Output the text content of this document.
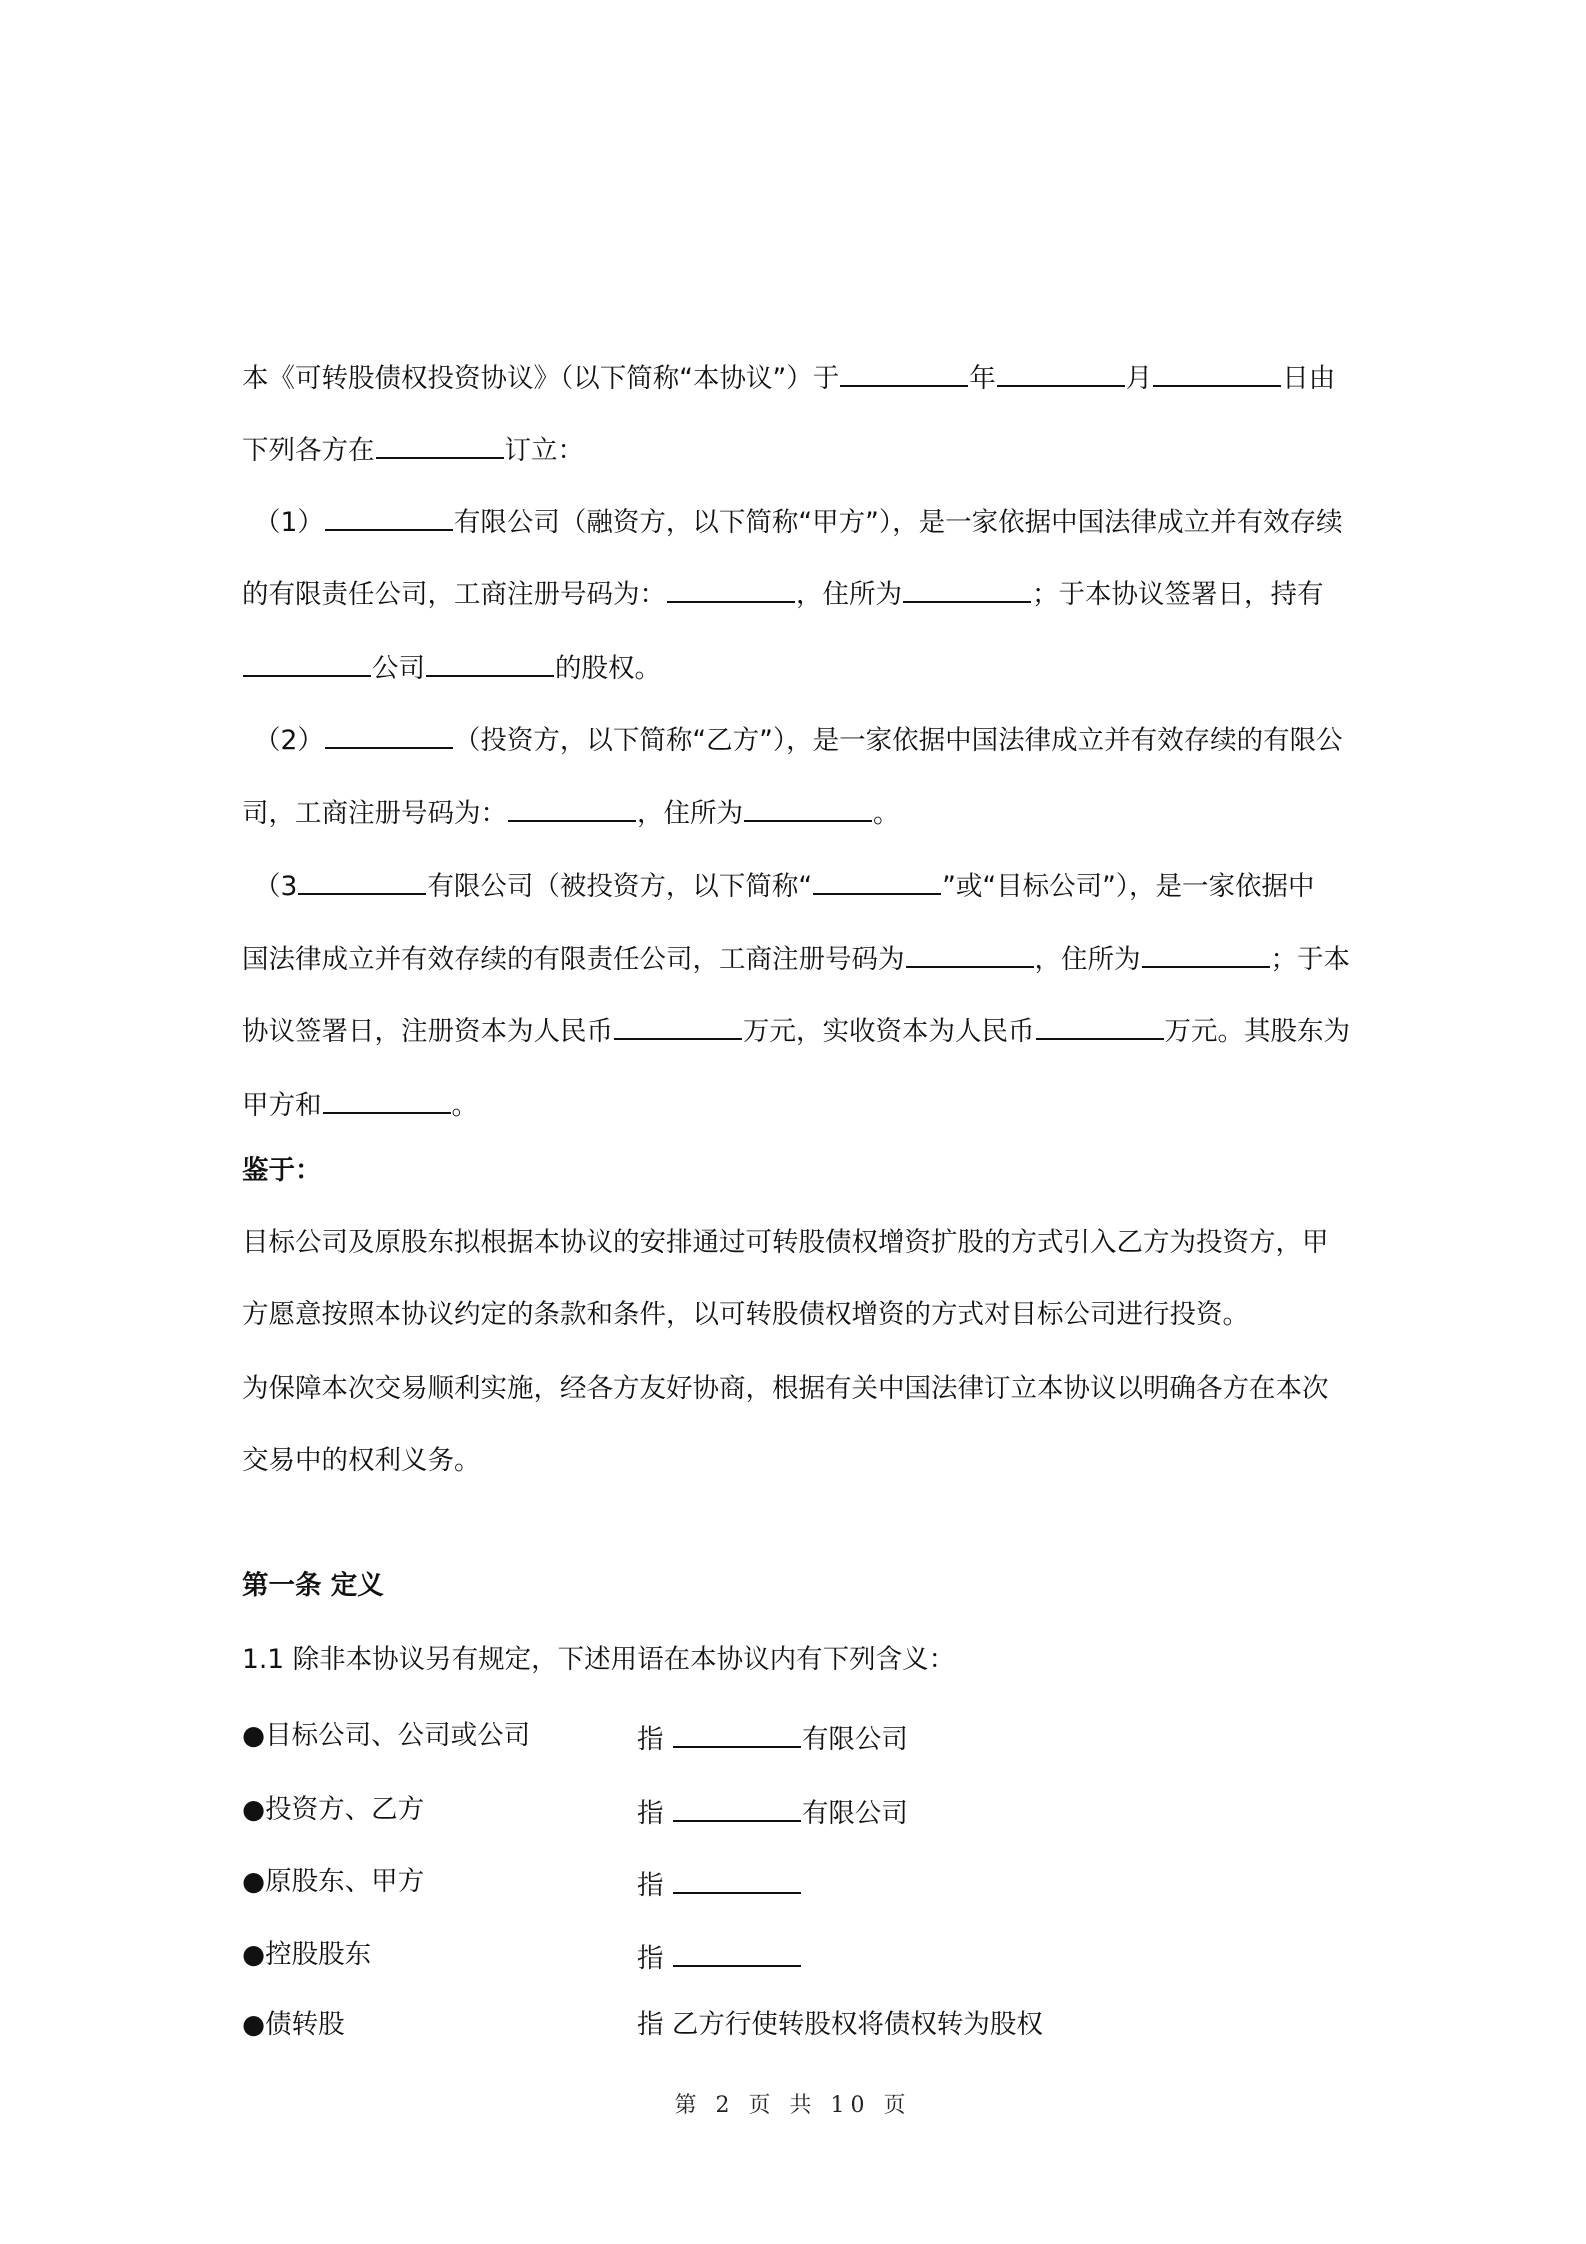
本《可转股债权投资协议》（以下简称“本协议”）于	年	月	日由
下列各方在	订立：
（1）	有限公司（融资方，以下简称“甲方”），是一家依据中国法律成立并有效存续
的有限责任公司，工商注册号码为：	，住所为	；于本协议签署日，持有
公司	的股权。
（2）	（投资方，以下简称“乙方”），是一家依据中国法律成立并有效存续的有限公
司，工商注册号码为：	，住所为	。
（3	有限公司（被投资方，以下简称“	”或“目标公司”），是一家依据中
国法律成立并有效存续的有限责任公司，工商注册号码为	，住所为	；于本
协议签署日，注册资本为人民币	万元，实收资本为人民币	万元。其股东为
甲方和	。
鉴于：
目标公司及原股东拟根据本协议的安排通过可转股债权增资扩股的方式引入乙方为投资方，甲
方愿意按照本协议约定的条款和条件，以可转股债权增资的方式对目标公司进行投资。
为保障本次交易顺利实施，经各方友好协商，根据有关中国法律订立本协议以明确各方在本次
交易中的权利义务。
第一条 定义
1.1 除非本协议另有规定，下述用语在本协议内有下列含义：
●目标公司、公司或公司	指	有限公司
●投资方、乙方	指	有限公司
●原股东、甲方	指
●控股股东	指
●债转股	指 乙方行使转股权将债权转为股权
第 2 页 共 10 页
